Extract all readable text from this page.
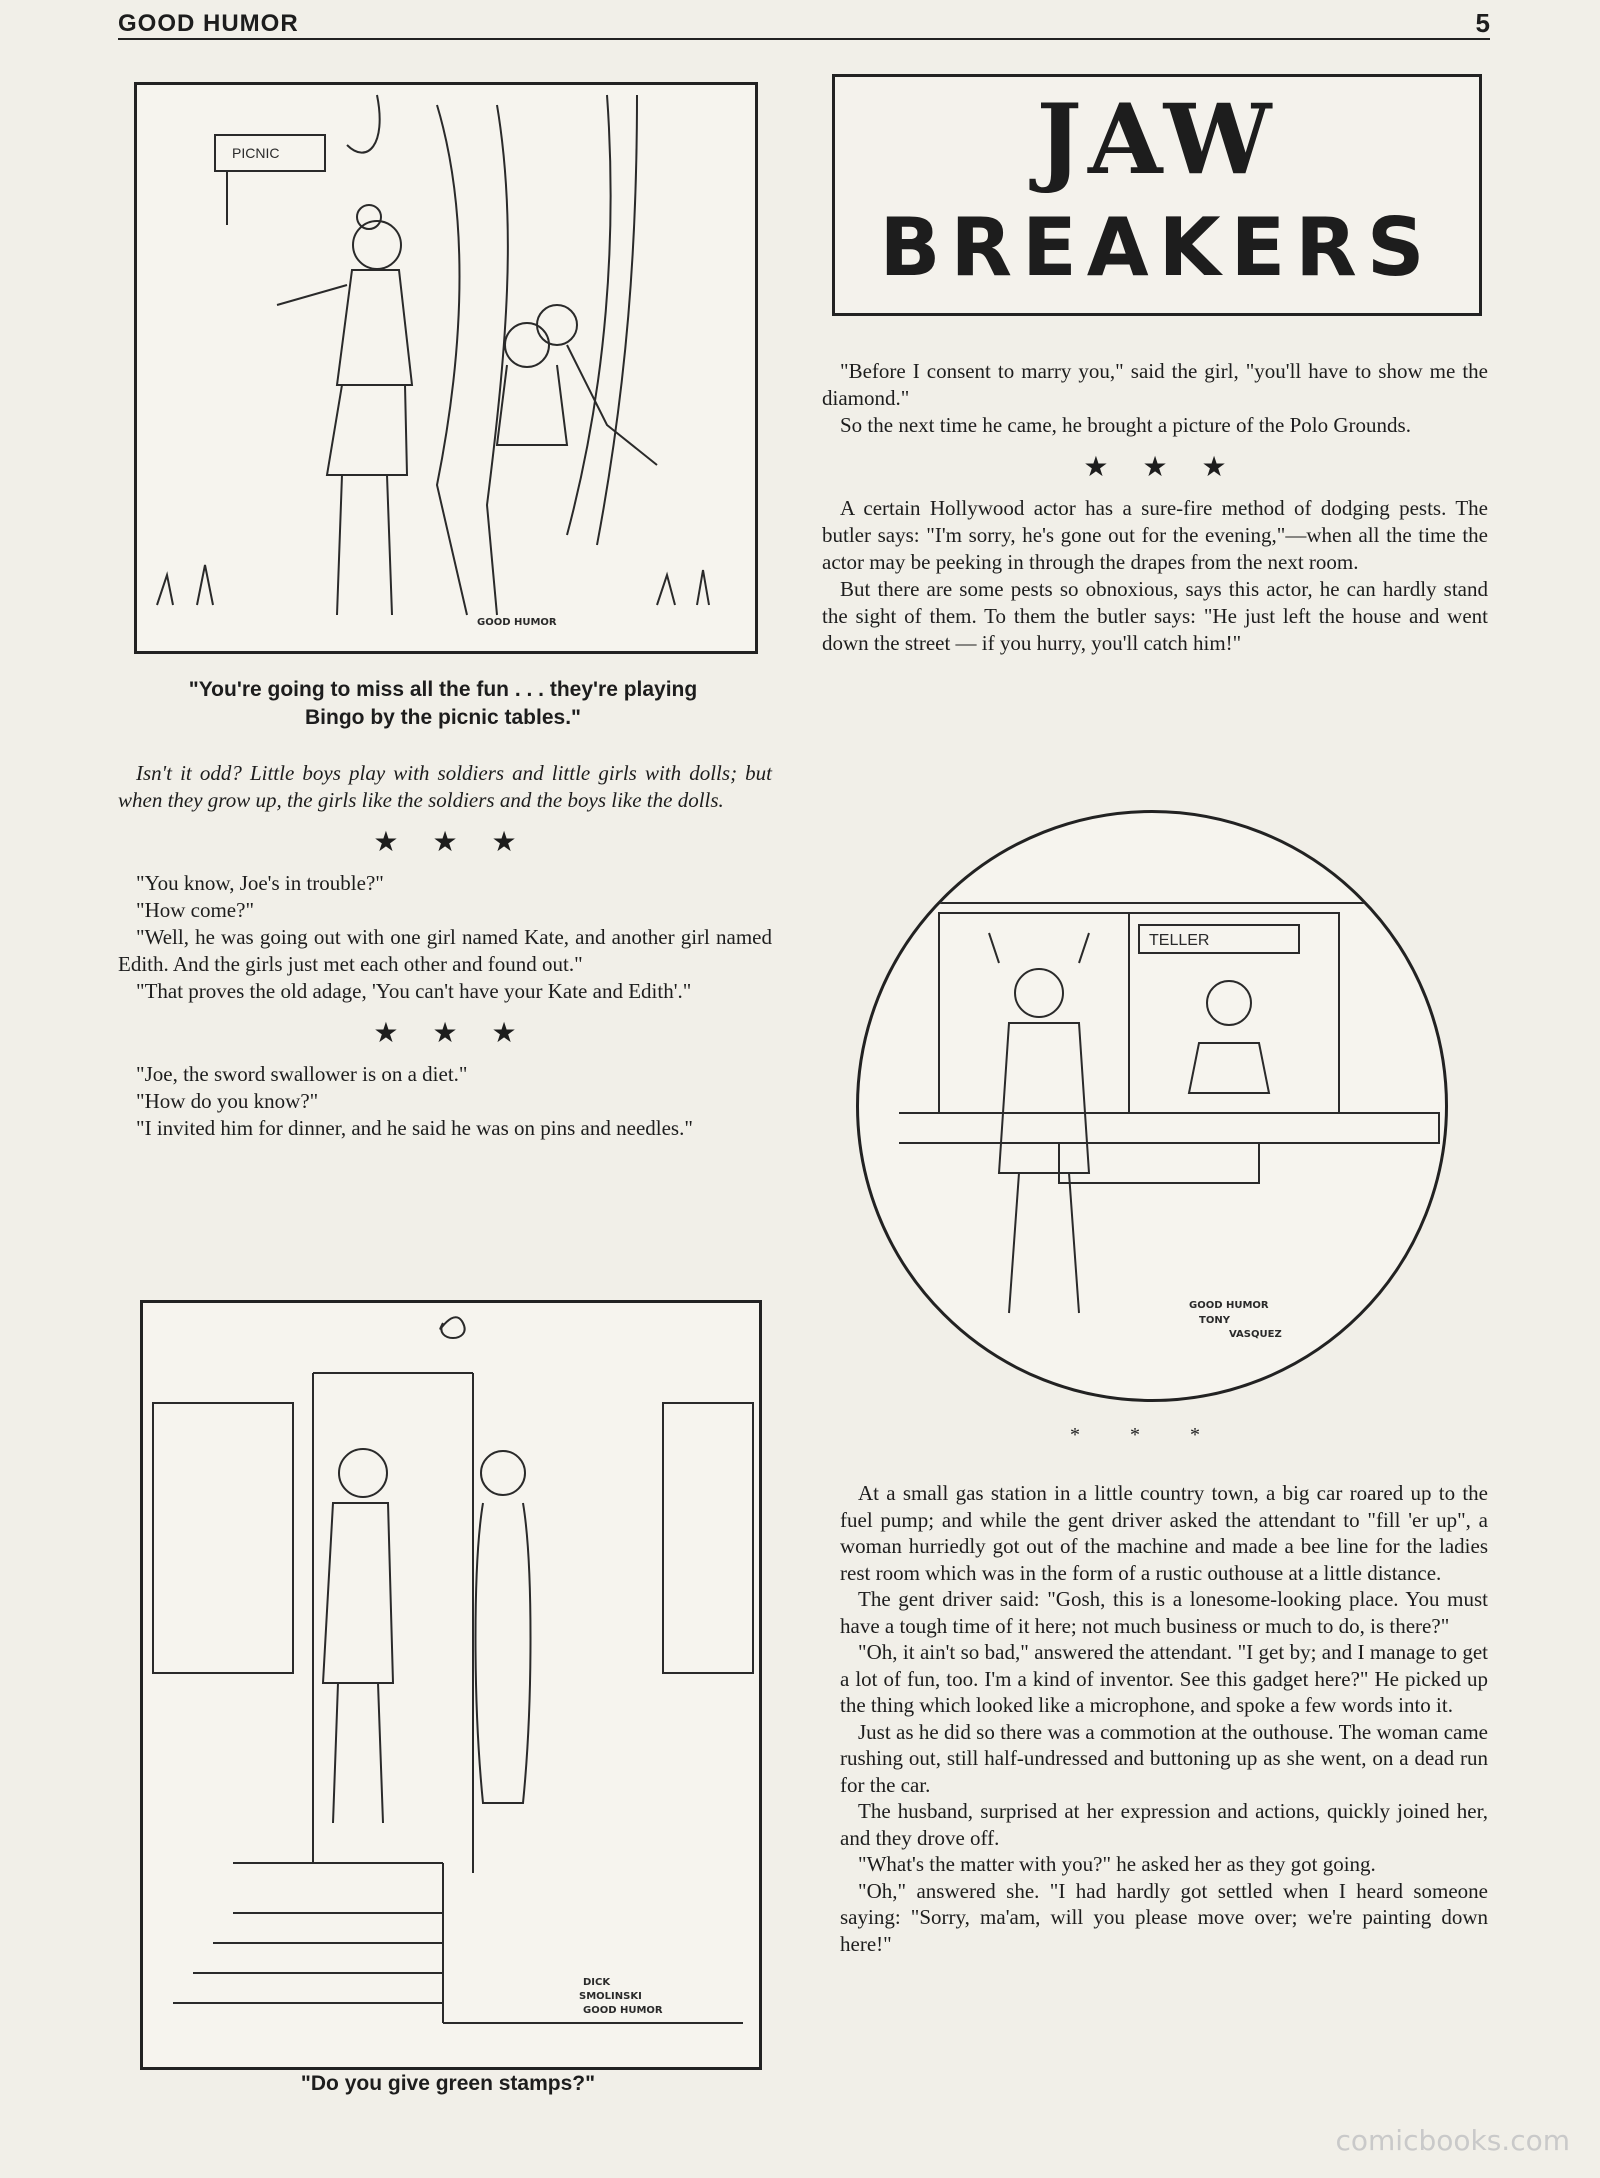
GOOD HUMOR	5
PICNIC
GOOD HUMOR
"You're going to miss all the fun . . . they're playing
Bingo by the picnic tables."

Isn't it odd? Little boys play with soldiers and little girls with dolls; but when they grow up, the girls like the soldiers and the boys like the dolls.

★★★

"You know, Joe's in trouble?"

"How come?"

"Well, he was going out with one girl named Kate, and another girl named Edith. And the girls just met each other and found out."

"That proves the old adage, 'You can't have your Kate and Edith'."

★★★

"Joe, the sword swallower is on a diet."

"How do you know?"

"I invited him for dinner, and he said he was on pins and needles."

DICK
SMOLINSKI
GOOD HUMOR
"Do you give green stamps?"
JAW
BREAKERS

"Before I consent to marry you," said the girl, "you'll have to show me the diamond."

So the next time he came, he brought a picture of the Polo Grounds.

★★★

A certain Hollywood actor has a sure-fire method of dodging pests. The butler says: "I'm sorry, he's gone out for the evening,"—when all the time the actor may be peeking in through the drapes from the next room.

But there are some pests so obnoxious, says this actor, he can hardly stand the sight of them. To them the butler says: "He just left the house and went down the street — if you hurry, you'll catch him!"

TELLER
GOOD HUMOR
TONY
VASQUEZ
***

At a small gas station in a little country town, a big car roared up to the fuel pump; and while the gent driver asked the attendant to "fill 'er up", a woman hurriedly got out of the machine and made a bee line for the ladies rest room which was in the form of a rustic outhouse at a little distance.

The gent driver said: "Gosh, this is a lonesome-looking place. You must have a tough time of it here; not much business or much to do, is there?"

"Oh, it ain't so bad," answered the attendant. "I get by; and I manage to get a lot of fun, too. I'm a kind of inventor. See this gadget here?" He picked up the thing which looked like a microphone, and spoke a few words into it.

Just as he did so there was a commotion at the outhouse. The woman came rushing out, still half-undressed and buttoning up as she went, on a dead run for the car.

The husband, surprised at her expression and actions, quickly joined her, and they drove off.

"What's the matter with you?" he asked her as they got going.

"Oh," answered she. "I had hardly got settled when I heard someone saying: "Sorry, ma'am, will you please move over; we're painting down here!"

comicbooks.com
